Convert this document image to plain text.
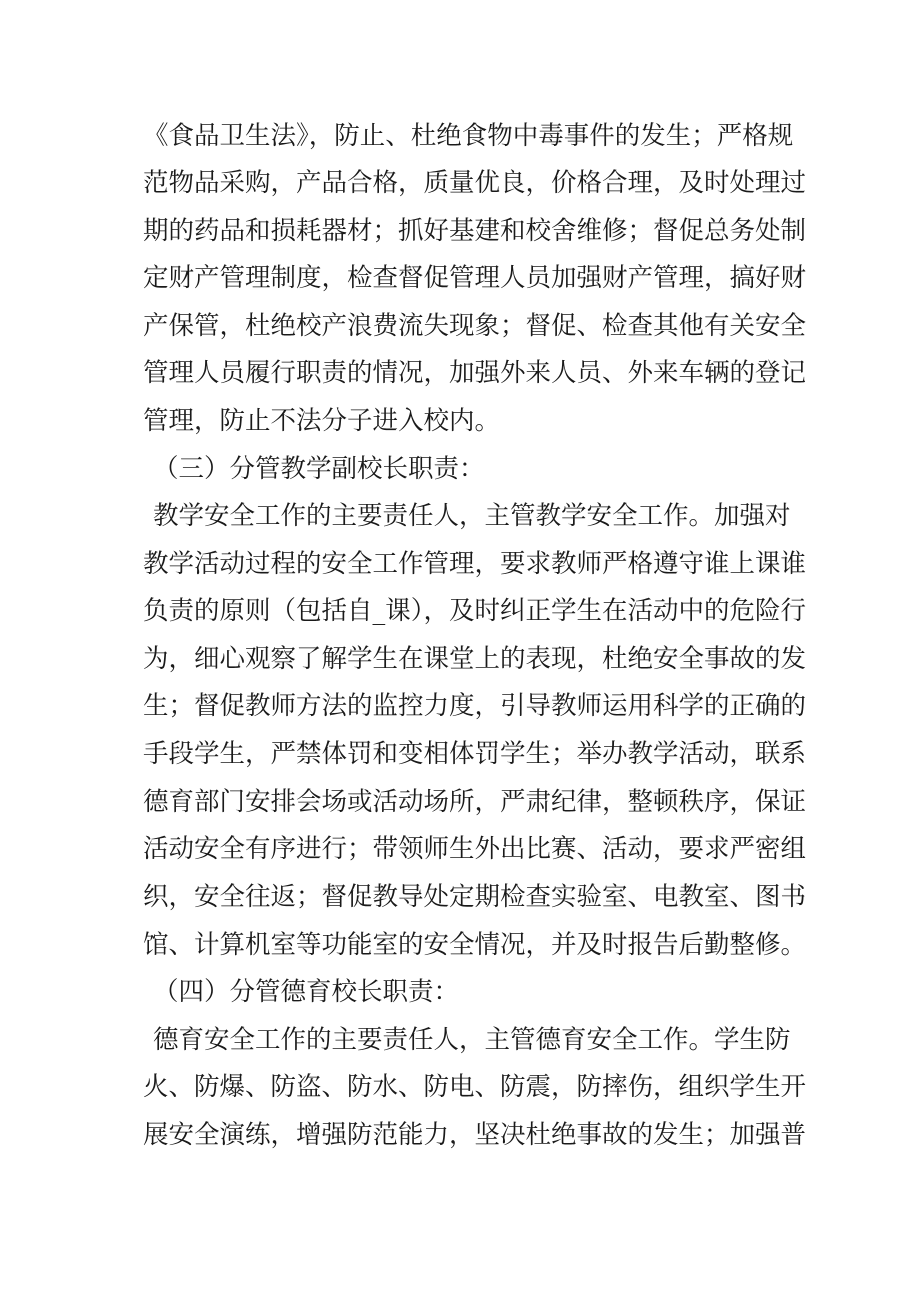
《食品卫生法》，防止、杜绝食物中毒事件的发生；严格规
范物品采购，产品合格，质量优良，价格合理，及时处理过
期的药品和损耗器材；抓好基建和校舍维修；督促总务处制
定财产管理制度，检查督促管理人员加强财产管理，搞好财
产保管，杜绝校产浪费流失现象；督促、检查其他有关安全
管理人员履行职责的情况，加强外来人员、外来车辆的登记
管理，防止不法分子进入校内。
（三）分管教学副校长职责：
教学安全工作的主要责任人，主管教学安全工作。加强对
教学活动过程的安全工作管理，要求教师严格遵守谁上课谁
负责的原则（包括自_课），及时纠正学生在活动中的危险行
为，细心观察了解学生在课堂上的表现，杜绝安全事故的发
生；督促教师方法的监控力度，引导教师运用科学的正确的
手段学生，严禁体罚和变相体罚学生；举办教学活动，联系
德育部门安排会场或活动场所，严肃纪律，整顿秩序，保证
活动安全有序进行；带领师生外出比赛、活动，要求严密组
织，安全往返；督促教导处定期检查实验室、电教室、图书
馆、计算机室等功能室的安全情况，并及时报告后勤整修。
（四）分管德育校长职责：
德育安全工作的主要责任人，主管德育安全工作。学生防
火、防爆、防盗、防水、防电、防震，防摔伤，组织学生开
展安全演练，增强防范能力，坚决杜绝事故的发生；加强普
